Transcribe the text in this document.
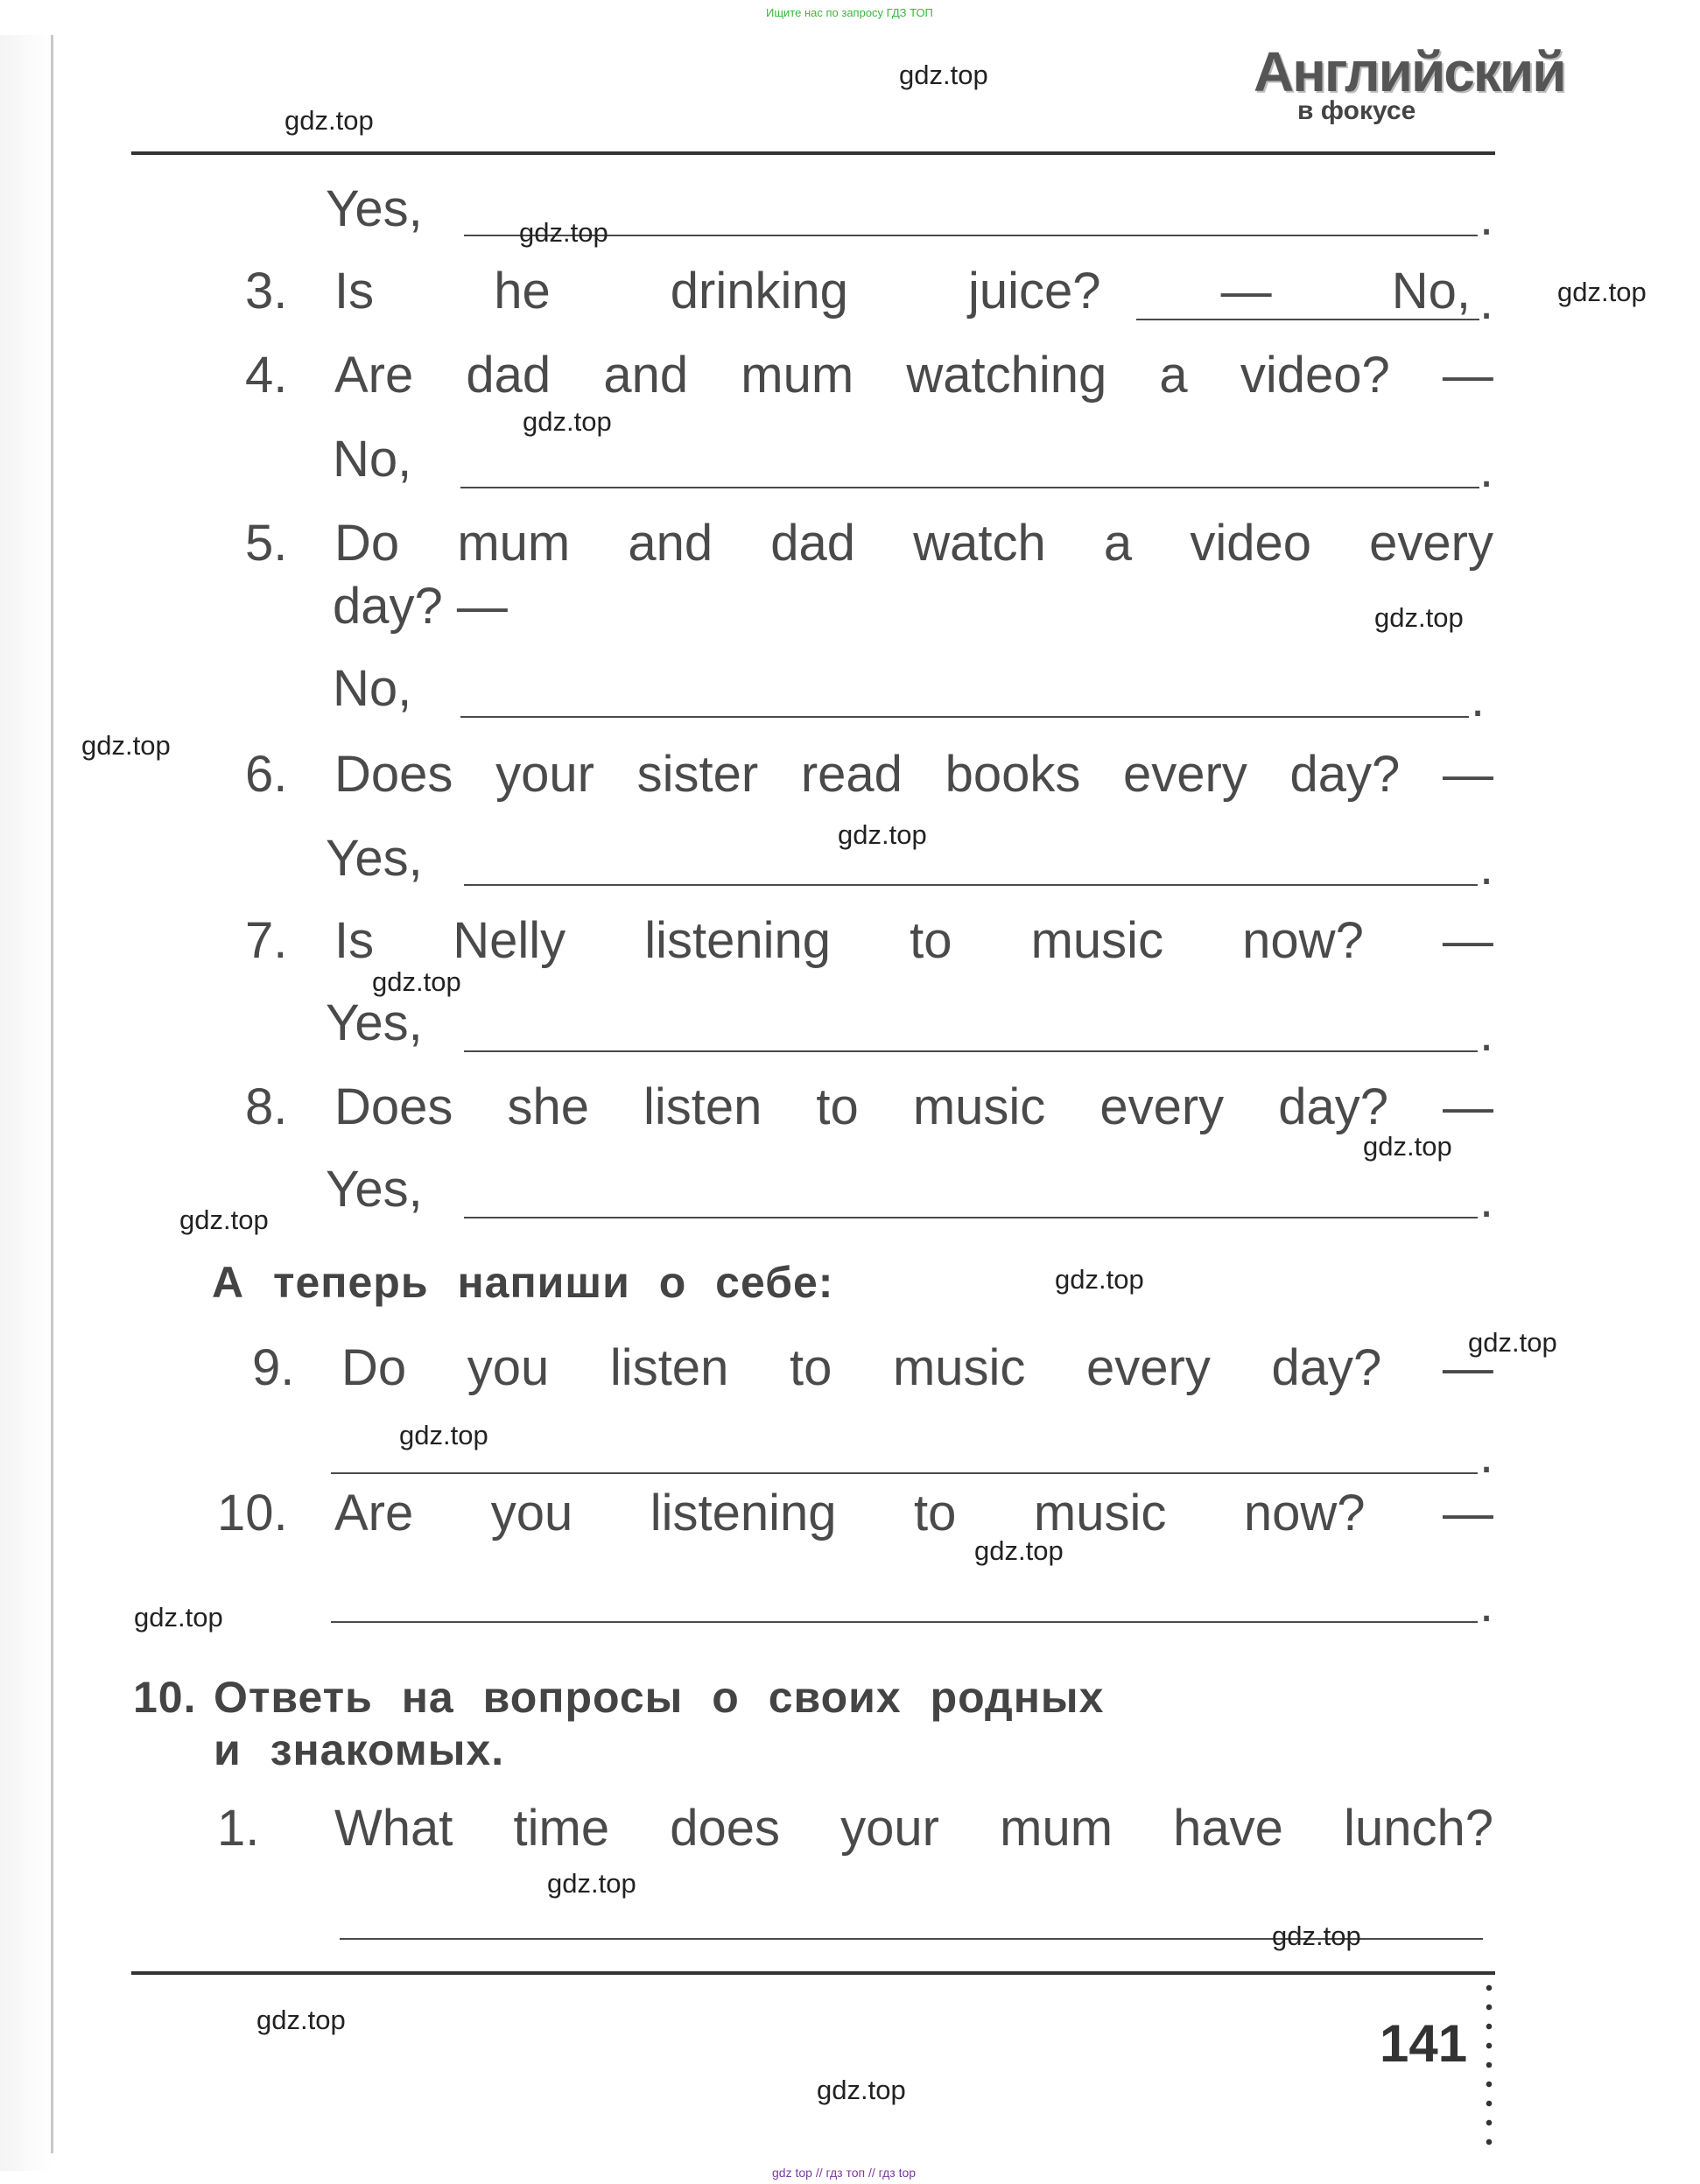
Ищите нас по запросу ГДЗ ТОП
Английский
в фокусе
Yes,	.
3. Is he drinking juice? — No, .
4. Are dad and mum watching a video? —
No,	.
5. Do mum and dad watch a video every
day? —
No,	.
6. Does your sister read books every day? —
Yes,	.
7. Is Nelly listening to music now? —
Yes,	.
8. Does she listen to music every day? —
Yes,	.
А теперь напиши о себе:
9. Do you listen to music every day? —
.
10. Are you listening to music now? —
.
10. Ответь на вопросы о своих родных
и знакомых.
1.	What time does your mum have lunch?
141
gdz.top
gdz.top
gdz.top
gdz.top
gdz.top
gdz.top
gdz.top
gdz.top
gdz.top
gdz.top
gdz.top
gdz.top
gdz.top
gdz.top
gdz.top
gdz.top
gdz.top
gdz.top
gdz.top
gdz.top
gdz top // гдз топ // гдз top
